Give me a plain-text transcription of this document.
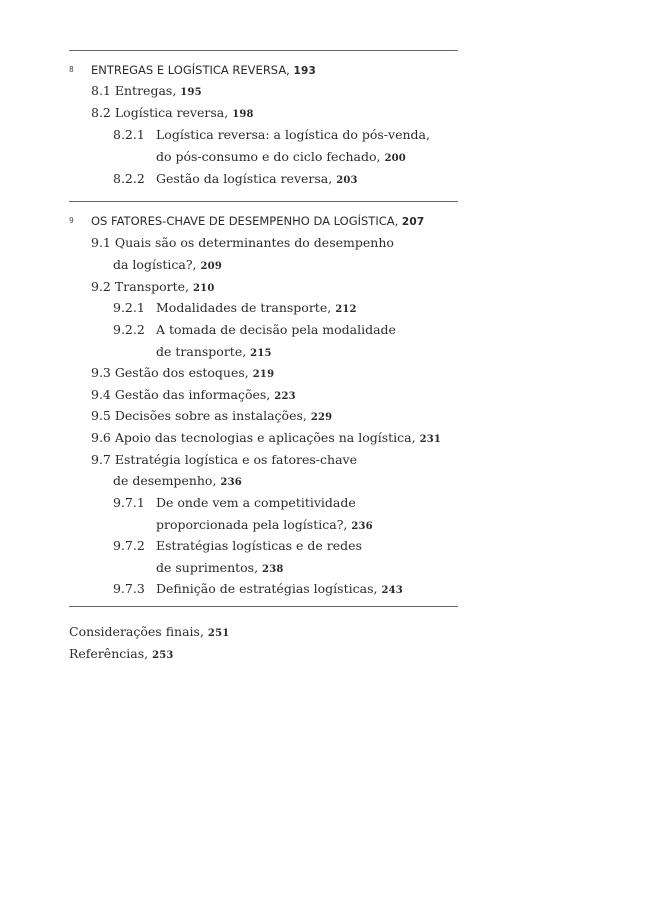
8 ENTREGAS E LOGÍSTICA REVERSA, 193
8.1 Entregas, 195
8.2 Logística reversa, 198
8.2.1 Logística reversa: a logística do pós-venda,
do pós-consumo e do ciclo fechado, 200
8.2.2 Gestão da logística reversa, 203
9 OS FATORES-CHAVE DE DESEMPENHO DA LOGÍSTICA, 207
9.1 Quais são os determinantes do desempenho
da logística?, 209
9.2 Transporte, 210
9.2.1 Modalidades de transporte, 212
9.2.2 A tomada de decisão pela modalidade
de transporte, 215
9.3 Gestão dos estoques, 219
9.4 Gestão das informações, 223
9.5 Decisões sobre as instalações, 229
9.6 Apoio das tecnologias e aplicações na logística, 231
9.7 Estratégia logística e os fatores-chave
de desempenho, 236
9.7.1 De onde vem a competitividade
proporcionada pela logística?, 236
9.7.2 Estratégias logísticas e de redes
de suprimentos, 238
9.7.3 Definição de estratégias logísticas, 243
Considerações finais, 251
Referências, 253
